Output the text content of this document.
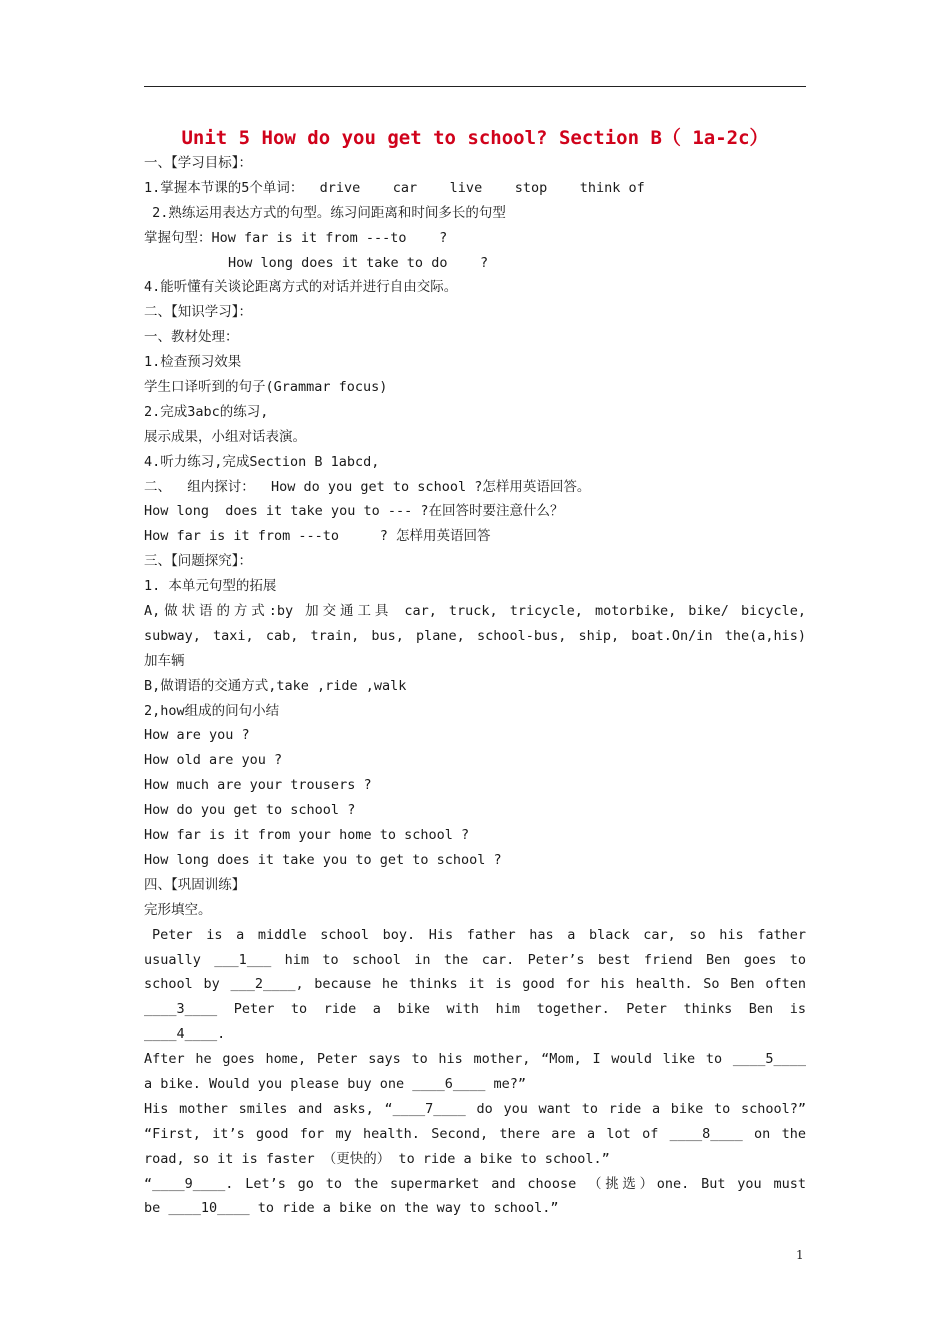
Unit 5 How do you get to school? Section B（ 1a-2c）
一、【学习目标】：
1.掌握本节课的5个单词：  drive    car    live    stop    think of
2.熟练运用表达方式的句型。练习问距离和时间多长的句型
掌握句型：How far is it from ---to    ?
How long does it take to do    ?
4.能听懂有关谈论距离方式的对话并进行自由交际。
二、【知识学习】：
一、教材处理：
1.检查预习效果
学生口译听到的句子(Grammar focus)
2.完成3abc的练习,
展示成果，小组对话表演。
4.听力练习,完成Section B 1abcd,
二、  组内探讨：  How do you get to school ?怎样用英语回答。
How long  does it take you to --- ?在回答时要注意什么？
How far is it from ---to     ? 怎样用英语回答
三、【问题探究】：
1. 本单元句型的拓展
A,做状语的方式:by 加交通工具 car, truck, tricycle, motorbike, bike/ bicycle,
subway, taxi, cab, train, bus, plane, school-bus, ship, boat.On/in the(a,his)
加车辆
B,做谓语的交通方式,take ,ride ,walk
2,how组成的问句小结
How are you ?
How old are you ?
How much are your trousers ?
How do you get to school ?
How far is it from your home to school ?
How long does it take you to get to school ?
四、【巩固训练】
完形填空。
Peter is a middle school boy. His father has a black car, so his father
usually ___1___ him to school in the car. Peter’s best friend Ben goes to
school by ___2____, because he thinks it is good for his health. So Ben often
____3____ Peter to ride a bike with him together. Peter thinks Ben is
____4____.
After he goes home, Peter says to his mother, “Mom, I would like to ____5____
a bike. Would you please buy one ____6____ me?”
His mother smiles and asks, “____7____ do you want to ride a bike to school?”
“First, it’s good for my health. Second, there are a lot of ____8____ on the
road, so it is faster （更快的） to ride a bike to school.”
“____9____. Let’s go to the supermarket and choose （挑选）one. But you must
be ____10____ to ride a bike on the way to school.”
1
